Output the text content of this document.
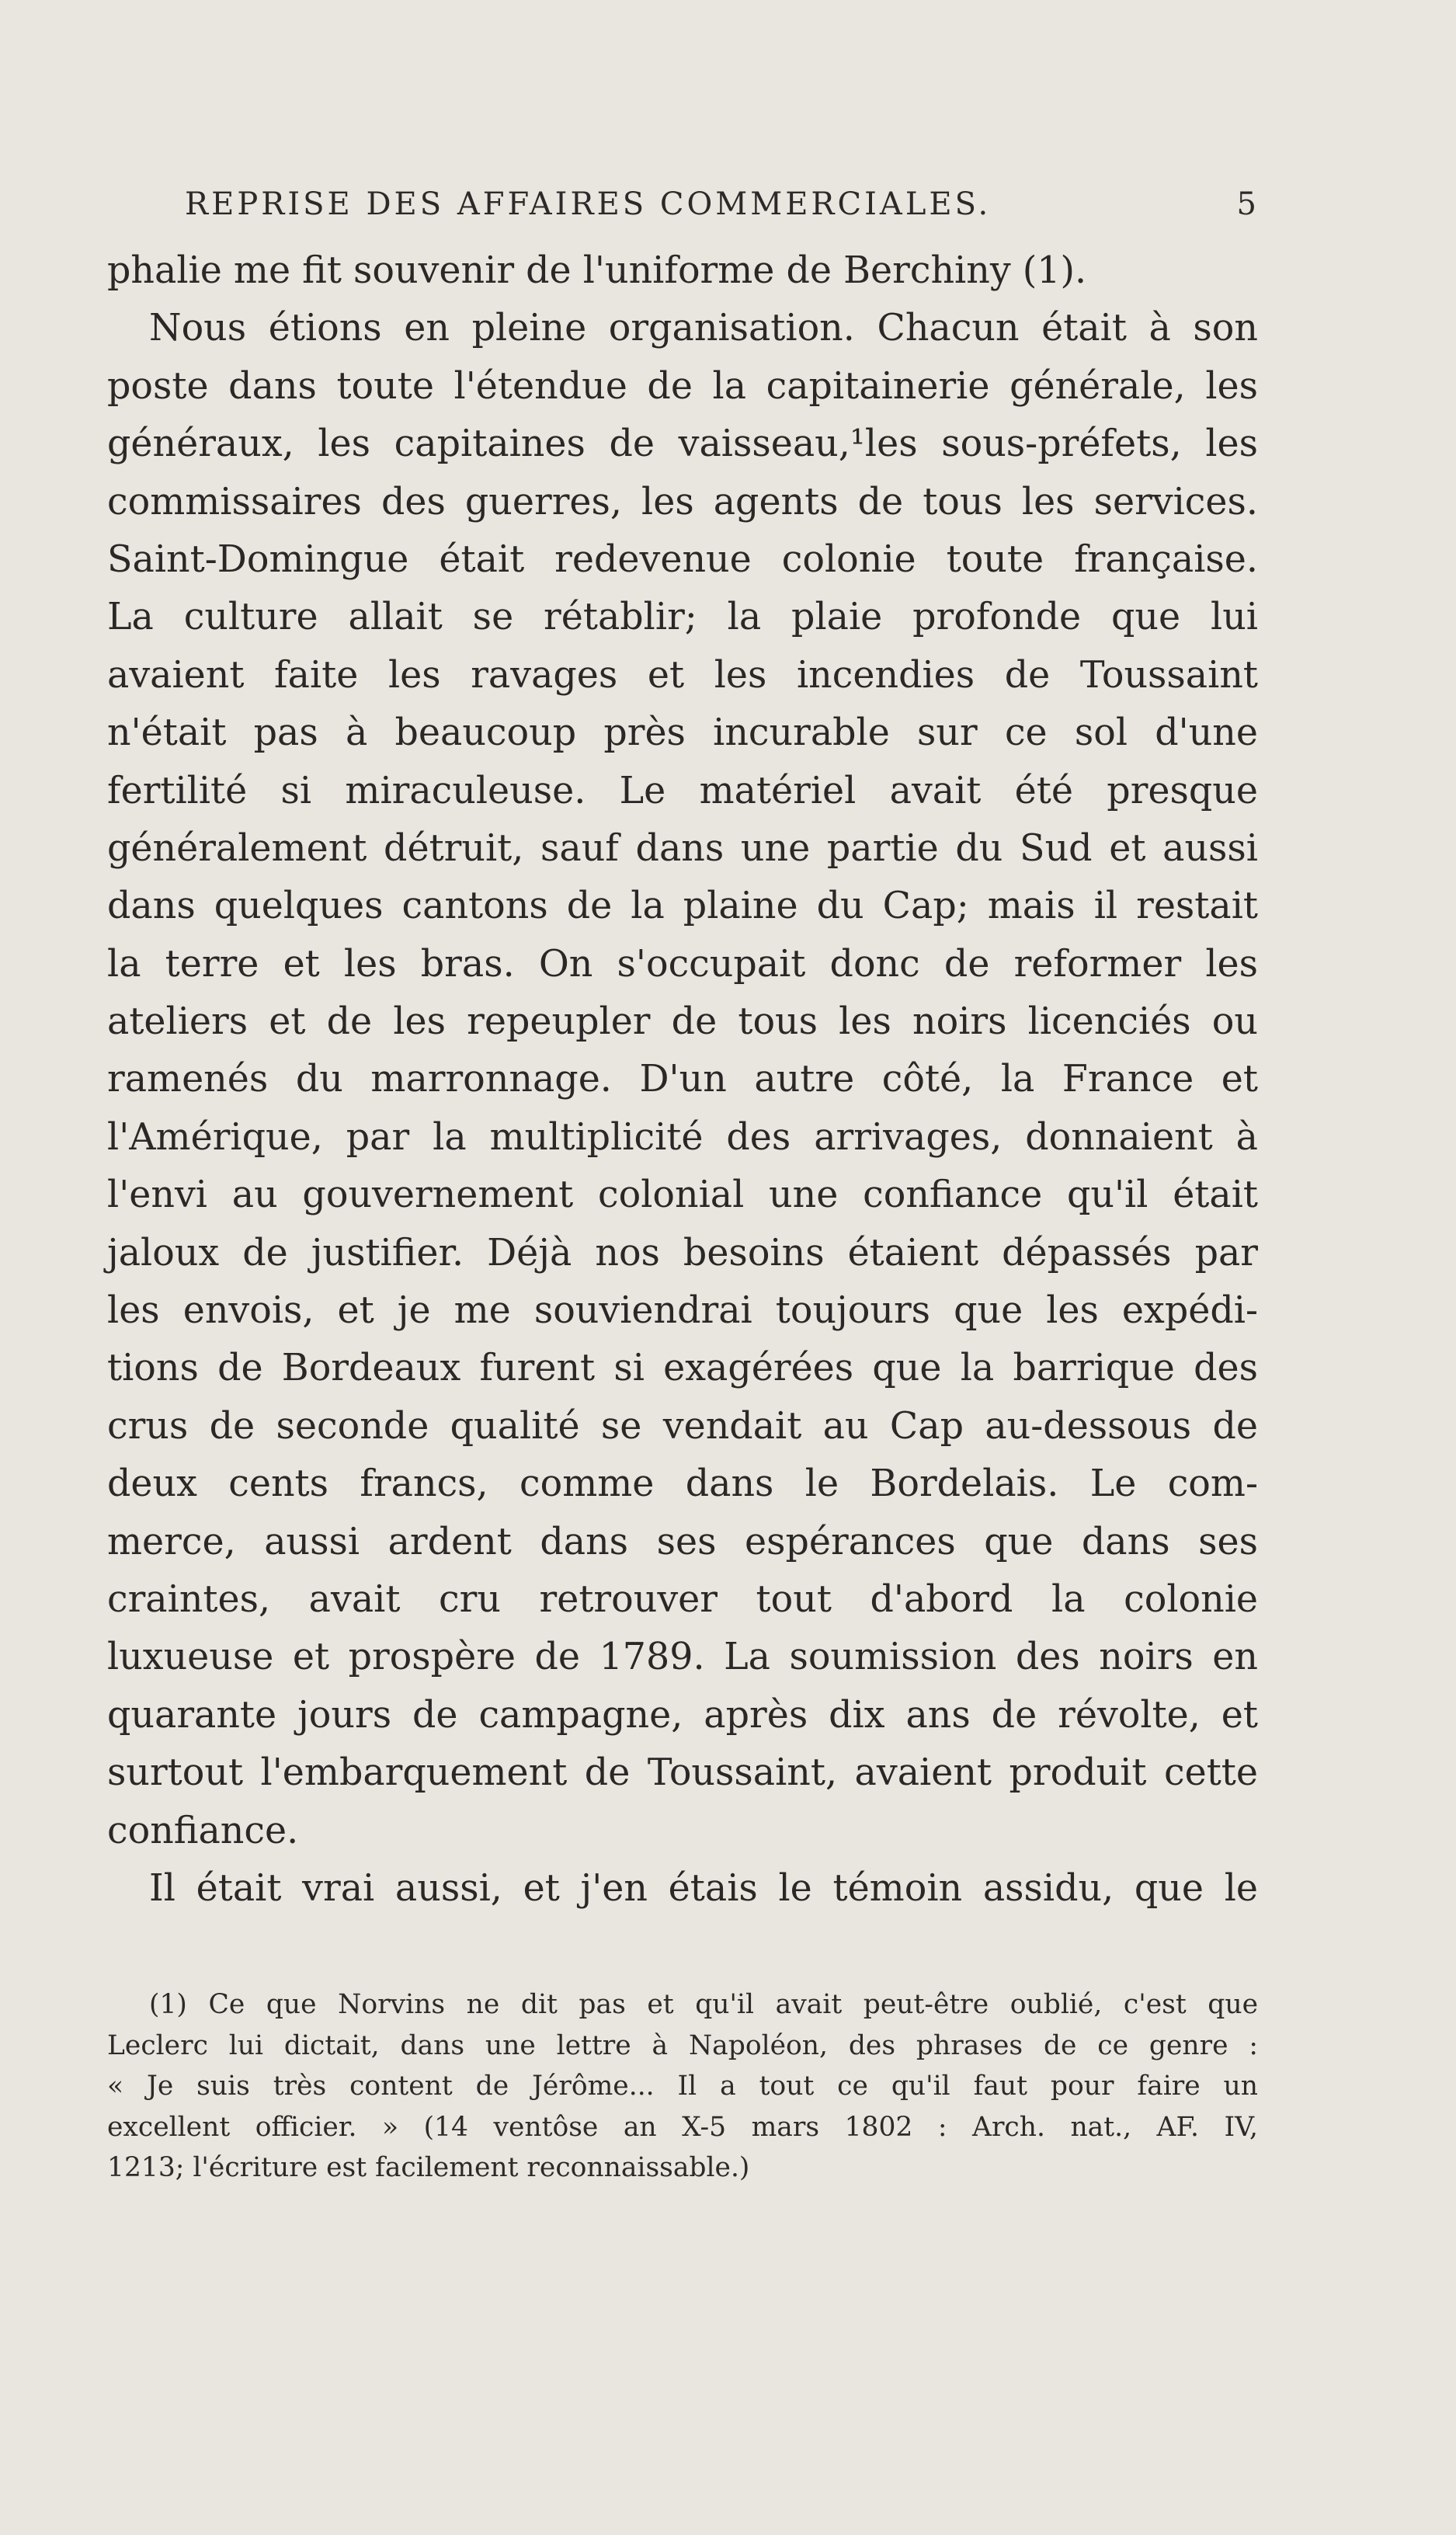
REPRISE DES AFFAIRES COMMERCIALES.	5
phalie me fit souvenir de l'uniforme de Berchiny (1).
Nous étions en pleine organisation. Chacun était à son
poste dans toute l'étendue de la capitainerie générale, les
généraux, les capitaines de vaisseau,¹les sous-préfets, les
commissaires des guerres, les agents de tous les services.
Saint-Domingue était redevenue colonie toute française.
La culture allait se rétablir; la plaie profonde que lui
avaient faite les ravages et les incendies de Toussaint
n'était pas à beaucoup près incurable sur ce sol d'une
fertilité si miraculeuse. Le matériel avait été presque
généralement détruit, sauf dans une partie du Sud et aussi
dans quelques cantons de la plaine du Cap; mais il restait
la terre et les bras. On s'occupait donc de reformer les
ateliers et de les repeupler de tous les noirs licenciés ou
ramenés du marronnage. D'un autre côté, la France et
l'Amérique, par la multiplicité des arrivages, donnaient à
l'envi au gouvernement colonial une confiance qu'il était
jaloux de justifier. Déjà nos besoins étaient dépassés par
les envois, et je me souviendrai toujours que les expédi-
tions de Bordeaux furent si exagérées que la barrique des
crus de seconde qualité se vendait au Cap au-dessous de
deux cents francs, comme dans le Bordelais. Le com-
merce, aussi ardent dans ses espérances que dans ses
craintes, avait cru retrouver tout d'abord la colonie
luxueuse et prospère de 1789. La soumission des noirs en
quarante jours de campagne, après dix ans de révolte, et
surtout l'embarquement de Toussaint, avaient produit cette
confiance.
Il était vrai aussi, et j'en étais le témoin assidu, que le
(1) Ce que Norvins ne dit pas et qu'il avait peut-être oublié, c'est que
Leclerc lui dictait, dans une lettre à Napoléon, des phrases de ce genre :
« Je suis très content de Jérôme... Il a tout ce qu'il faut pour faire un
excellent officier. » (14 ventôse an X-5 mars 1802 : Arch. nat., AF. IV,
1213; l'écriture est facilement reconnaissable.)
